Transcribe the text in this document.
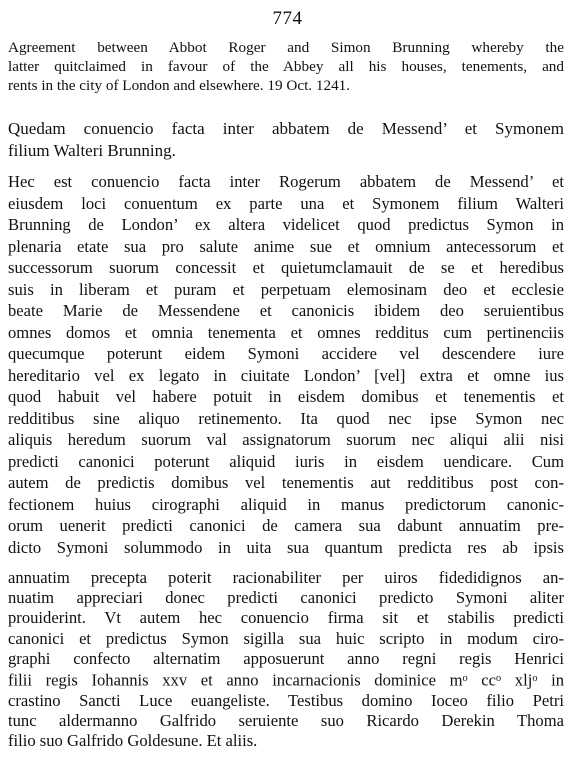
774
Agreement between Abbot Roger and Simon Brunning whereby the
latter quitclaimed in favour of the Abbey all his houses, tenements, and
rents in the city of London and elsewhere. 19 Oct. 1241.
Quedam conuencio facta inter abbatem de Messend’ et Symonem
filium Walteri Brunning.
Hec est conuencio facta inter Rogerum abbatem de Messend’ et
eiusdem loci conuentum ex parte una et Symonem filium Walteri
Brunning de London’ ex altera videlicet quod predictus Symon in
plenaria etate sua pro salute anime sue et omnium antecessorum et
successorum suorum concessit et quietumclamauit de se et heredibus
suis in liberam et puram et perpetuam elemosinam deo et ecclesie
beate Marie de Messendene et canonicis ibidem deo seruientibus
omnes domos et omnia tenementa et omnes redditus cum pertinenciis
quecumque poterunt eidem Symoni accidere vel descendere iure
hereditario vel ex legato in ciuitate London’ [vel] extra et omne ius
quod habuit vel habere potuit in eisdem domibus et tenementis et
redditibus sine aliquo retinemento. Ita quod nec ipse Symon nec
aliquis heredum suorum val assignatorum suorum nec aliqui alii nisi
predicti canonici poterunt aliquid iuris in eisdem uendicare. Cum
autem de predictis domibus vel tenementis aut redditibus post con-
fectionem huius cirographi aliquid in manus predictorum canonic-
orum uenerit predicti canonici de camera sua dabunt annuatim pre-
dicto Symoni solummodo in uita sua quantum predicta res ab ipsis
annuatim precepta poterit racionabiliter per uiros fidedidignos an-
nuatim appreciari donec predicti canonici predicto Symoni aliter
prouiderint. Vt autem hec conuencio firma sit et stabilis predicti
canonici et predictus Symon sigilla sua huic scripto in modum ciro-
graphi confecto alternatim apposuerunt anno regni regis Henrici
filii regis Iohannis xxv et anno incarnacionis dominice $m^o$ $cc^o$ xlj$^o$ in
crastino Sancti Luce euangeliste. Testibus domino Ioceo filio Petri
tunc aldermanno Galfrido seruiente suo Ricardo Derekin Thoma
filio suo Galfrido Goldesune. Et aliis.
